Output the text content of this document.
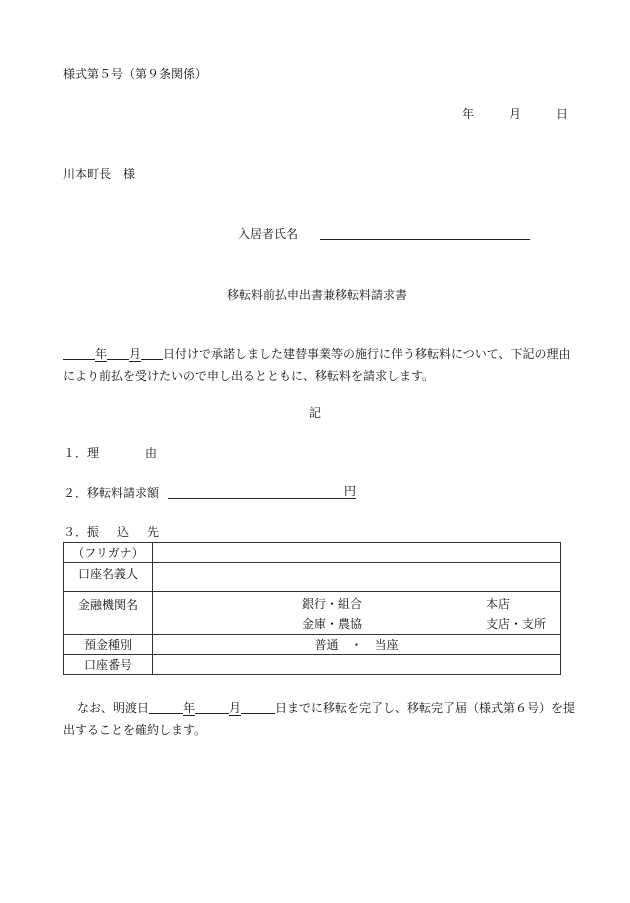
様式第５号（第９条関係）
年	月	日
川本町長　様
入居者氏名
移転料前払申出書兼移転料請求書
年 月 日付けで承諾しました建替事業等の施行に伴う移転料について、下記の理由
により前払を受けたいので申し出るとともに、移転料を請求します。
記
１．理	由
２．移転料請求額	円
３．振 込 先
（フリガナ）	
口座名義人	
金融機関名	銀行・組合 本店
金庫・農協 支店・支所

預金種別	普通　・　当座
口座番号	
なお、明渡日	年	月	日までに移転を完了し、移転完了届（様式第６号）を提
出することを確約します。
